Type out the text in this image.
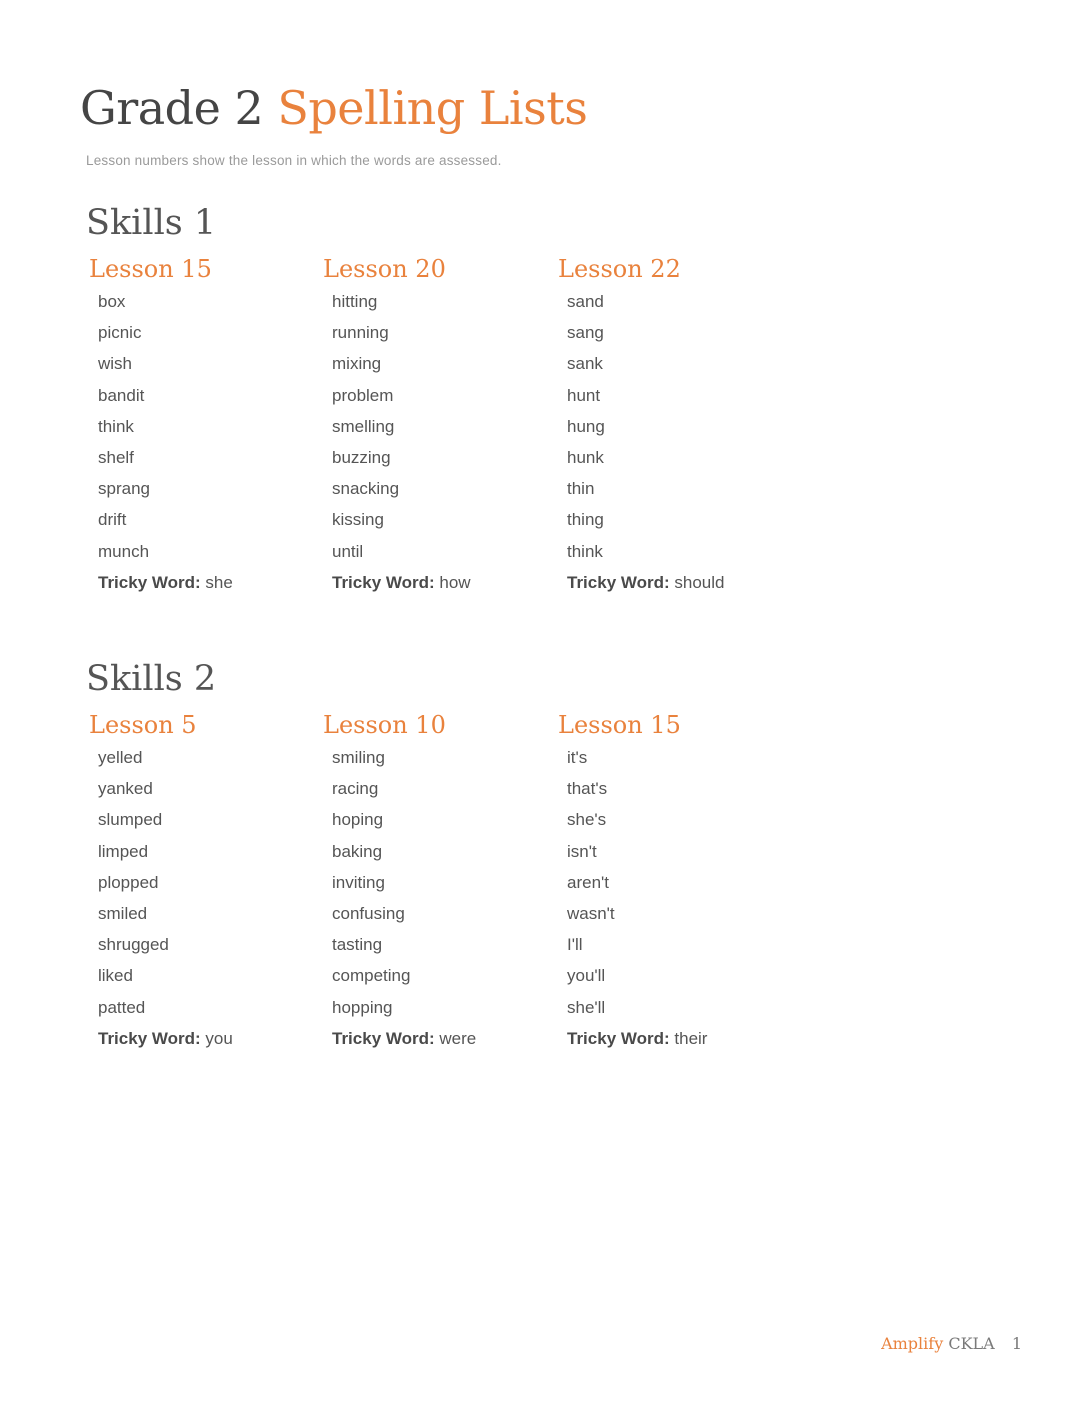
Grade 2 Spelling Lists
Lesson numbers show the lesson in which the words are assessed.
Skills 1
Lesson 15
box
picnic
wish
bandit
think
shelf
sprang
drift
munch
Tricky Word: she
Lesson 20
hitting
running
mixing
problem
smelling
buzzing
snacking
kissing
until
Tricky Word: how
Lesson 22
sand
sang
sank
hunt
hung
hunk
thin
thing
think
Tricky Word: should
Skills 2
Lesson 5
yelled
yanked
slumped
limped
plopped
smiled
shrugged
liked
patted
Tricky Word: you
Lesson 10
smiling
racing
hoping
baking
inviting
confusing
tasting
competing
hopping
Tricky Word: were
Lesson 15
it's
that's
she's
isn't
aren't
wasn't
I'll
you'll
she'll
Tricky Word: their
Amplify CKLA 1
